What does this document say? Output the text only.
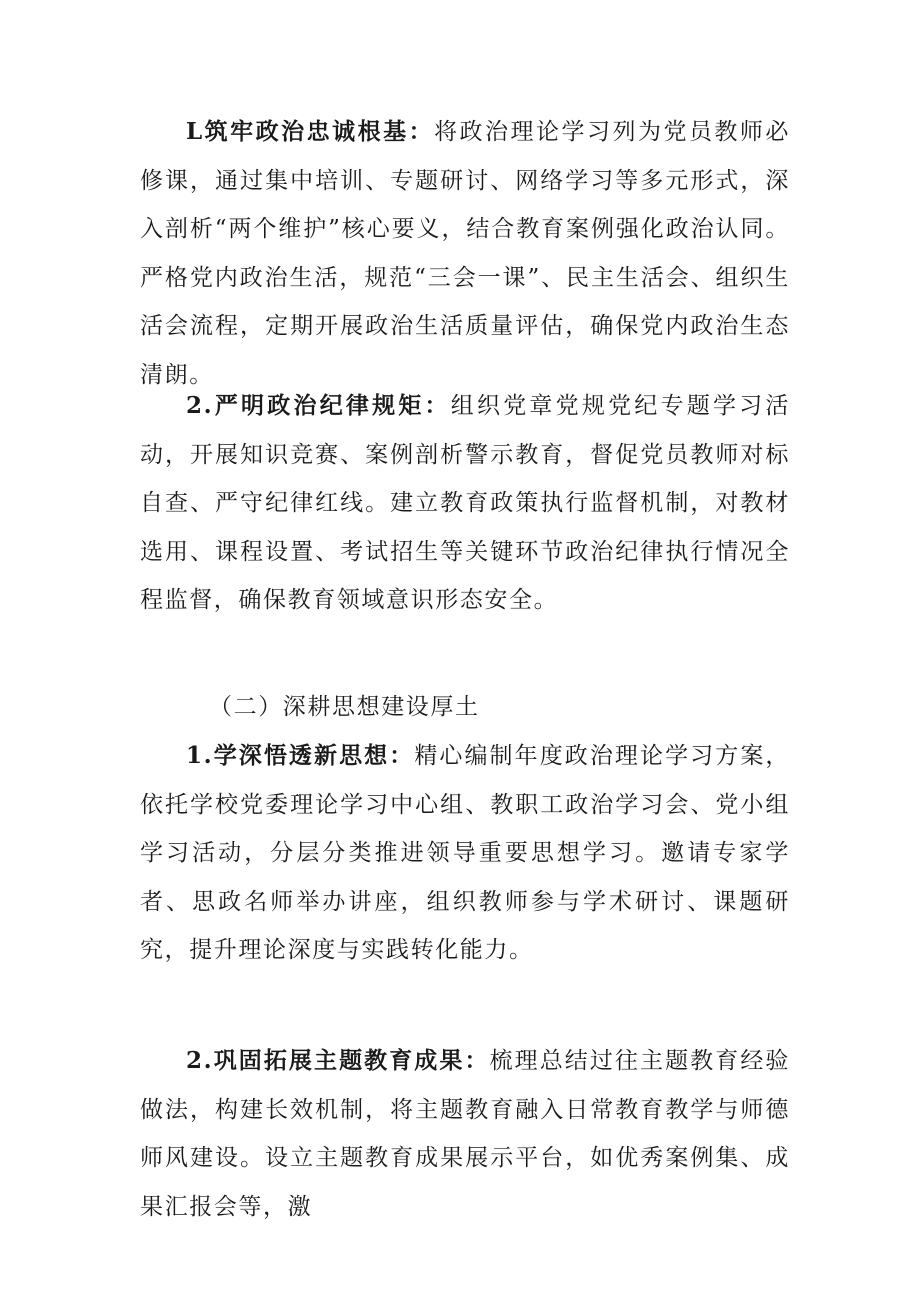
L筑牢政治忠诚根基：将政治理论学习列为党员教师必修课，通过集中培训、专题研讨、网络学习等多元形式，深入剖析“两个维护”核心要义，结合教育案例强化政治认同。严格党内政治生活，规范“三会一课”、民主生活会、组织生活会流程，定期开展政治生活质量评估，确保党内政治生态清朗。

2.严明政治纪律规矩：组织党章党规党纪专题学习活动，开展知识竞赛、案例剖析警示教育，督促党员教师对标自查、严守纪律红线。建立教育政策执行监督机制，对教材选用、课程设置、考试招生等关键环节政治纪律执行情况全程监督，确保教育领域意识形态安全。

（二）深耕思想建设厚土

1.学深悟透新思想：精心编制年度政治理论学习方案，依托学校党委理论学习中心组、教职工政治学习会、党小组学习活动，分层分类推进领导重要思想学习。邀请专家学者、思政名师举办讲座，组织教师参与学术研讨、课题研究，提升理论深度与实践转化能力。

2.巩固拓展主题教育成果：梳理总结过往主题教育经验做法，构建长效机制，将主题教育融入日常教育教学与师德师风建设。设立主题教育成果展示平台，如优秀案例集、成果汇报会等，激
